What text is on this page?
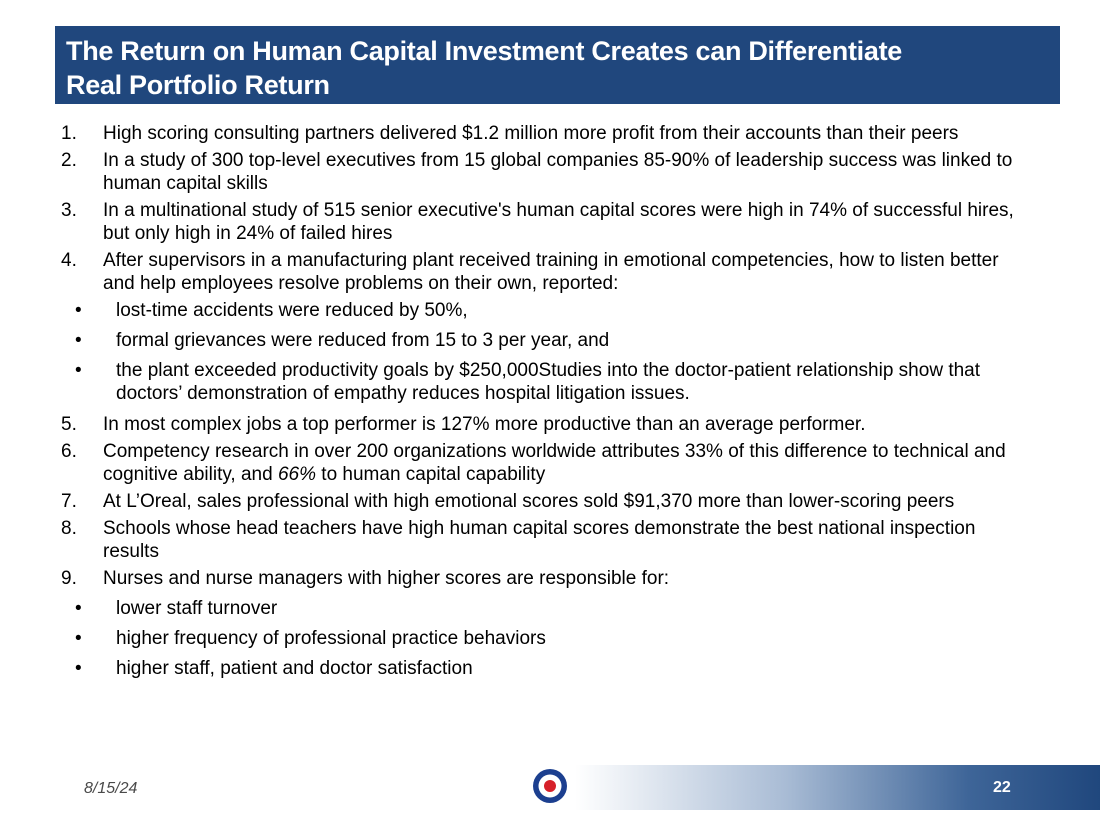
The Return on Human Capital Investment Creates can Differentiate
Real Portfolio Return
1.	High scoring consulting partners delivered $1.2 million more profit from their accounts than their peers
2.	In a study of 300 top-level executives from 15 global companies 85-90% of leadership success was linked to human capital skills
3.	In a multinational study of 515 senior executive's human capital scores were high in 74% of successful hires, but only high in 24% of failed hires
4.	After supervisors in a manufacturing plant received training in emotional competencies, how to listen better and help employees resolve problems on their own, reported:
•	lost-time accidents were reduced by 50%,
•	formal grievances were reduced from 15 to 3 per year, and
•	the plant exceeded productivity goals by $250,000Studies into the doctor-patient relationship show that doctors’ demonstration of empathy reduces hospital litigation issues.
5.	In most complex jobs a top performer is 127% more productive than an average performer.
6.	Competency research in over 200 organizations worldwide attributes 33% of this difference to technical and cognitive ability, and 66% to human capital capability
7.	At L’Oreal, sales professional with high emotional scores sold $91,370 more than lower-scoring peers
8.	Schools whose head teachers have high human capital scores demonstrate the best national inspection results
9.	Nurses and nurse managers with higher scores are responsible for:
•	lower staff turnover
•	higher frequency of professional practice behaviors
•	higher staff, patient and doctor satisfaction
8/15/24	22
